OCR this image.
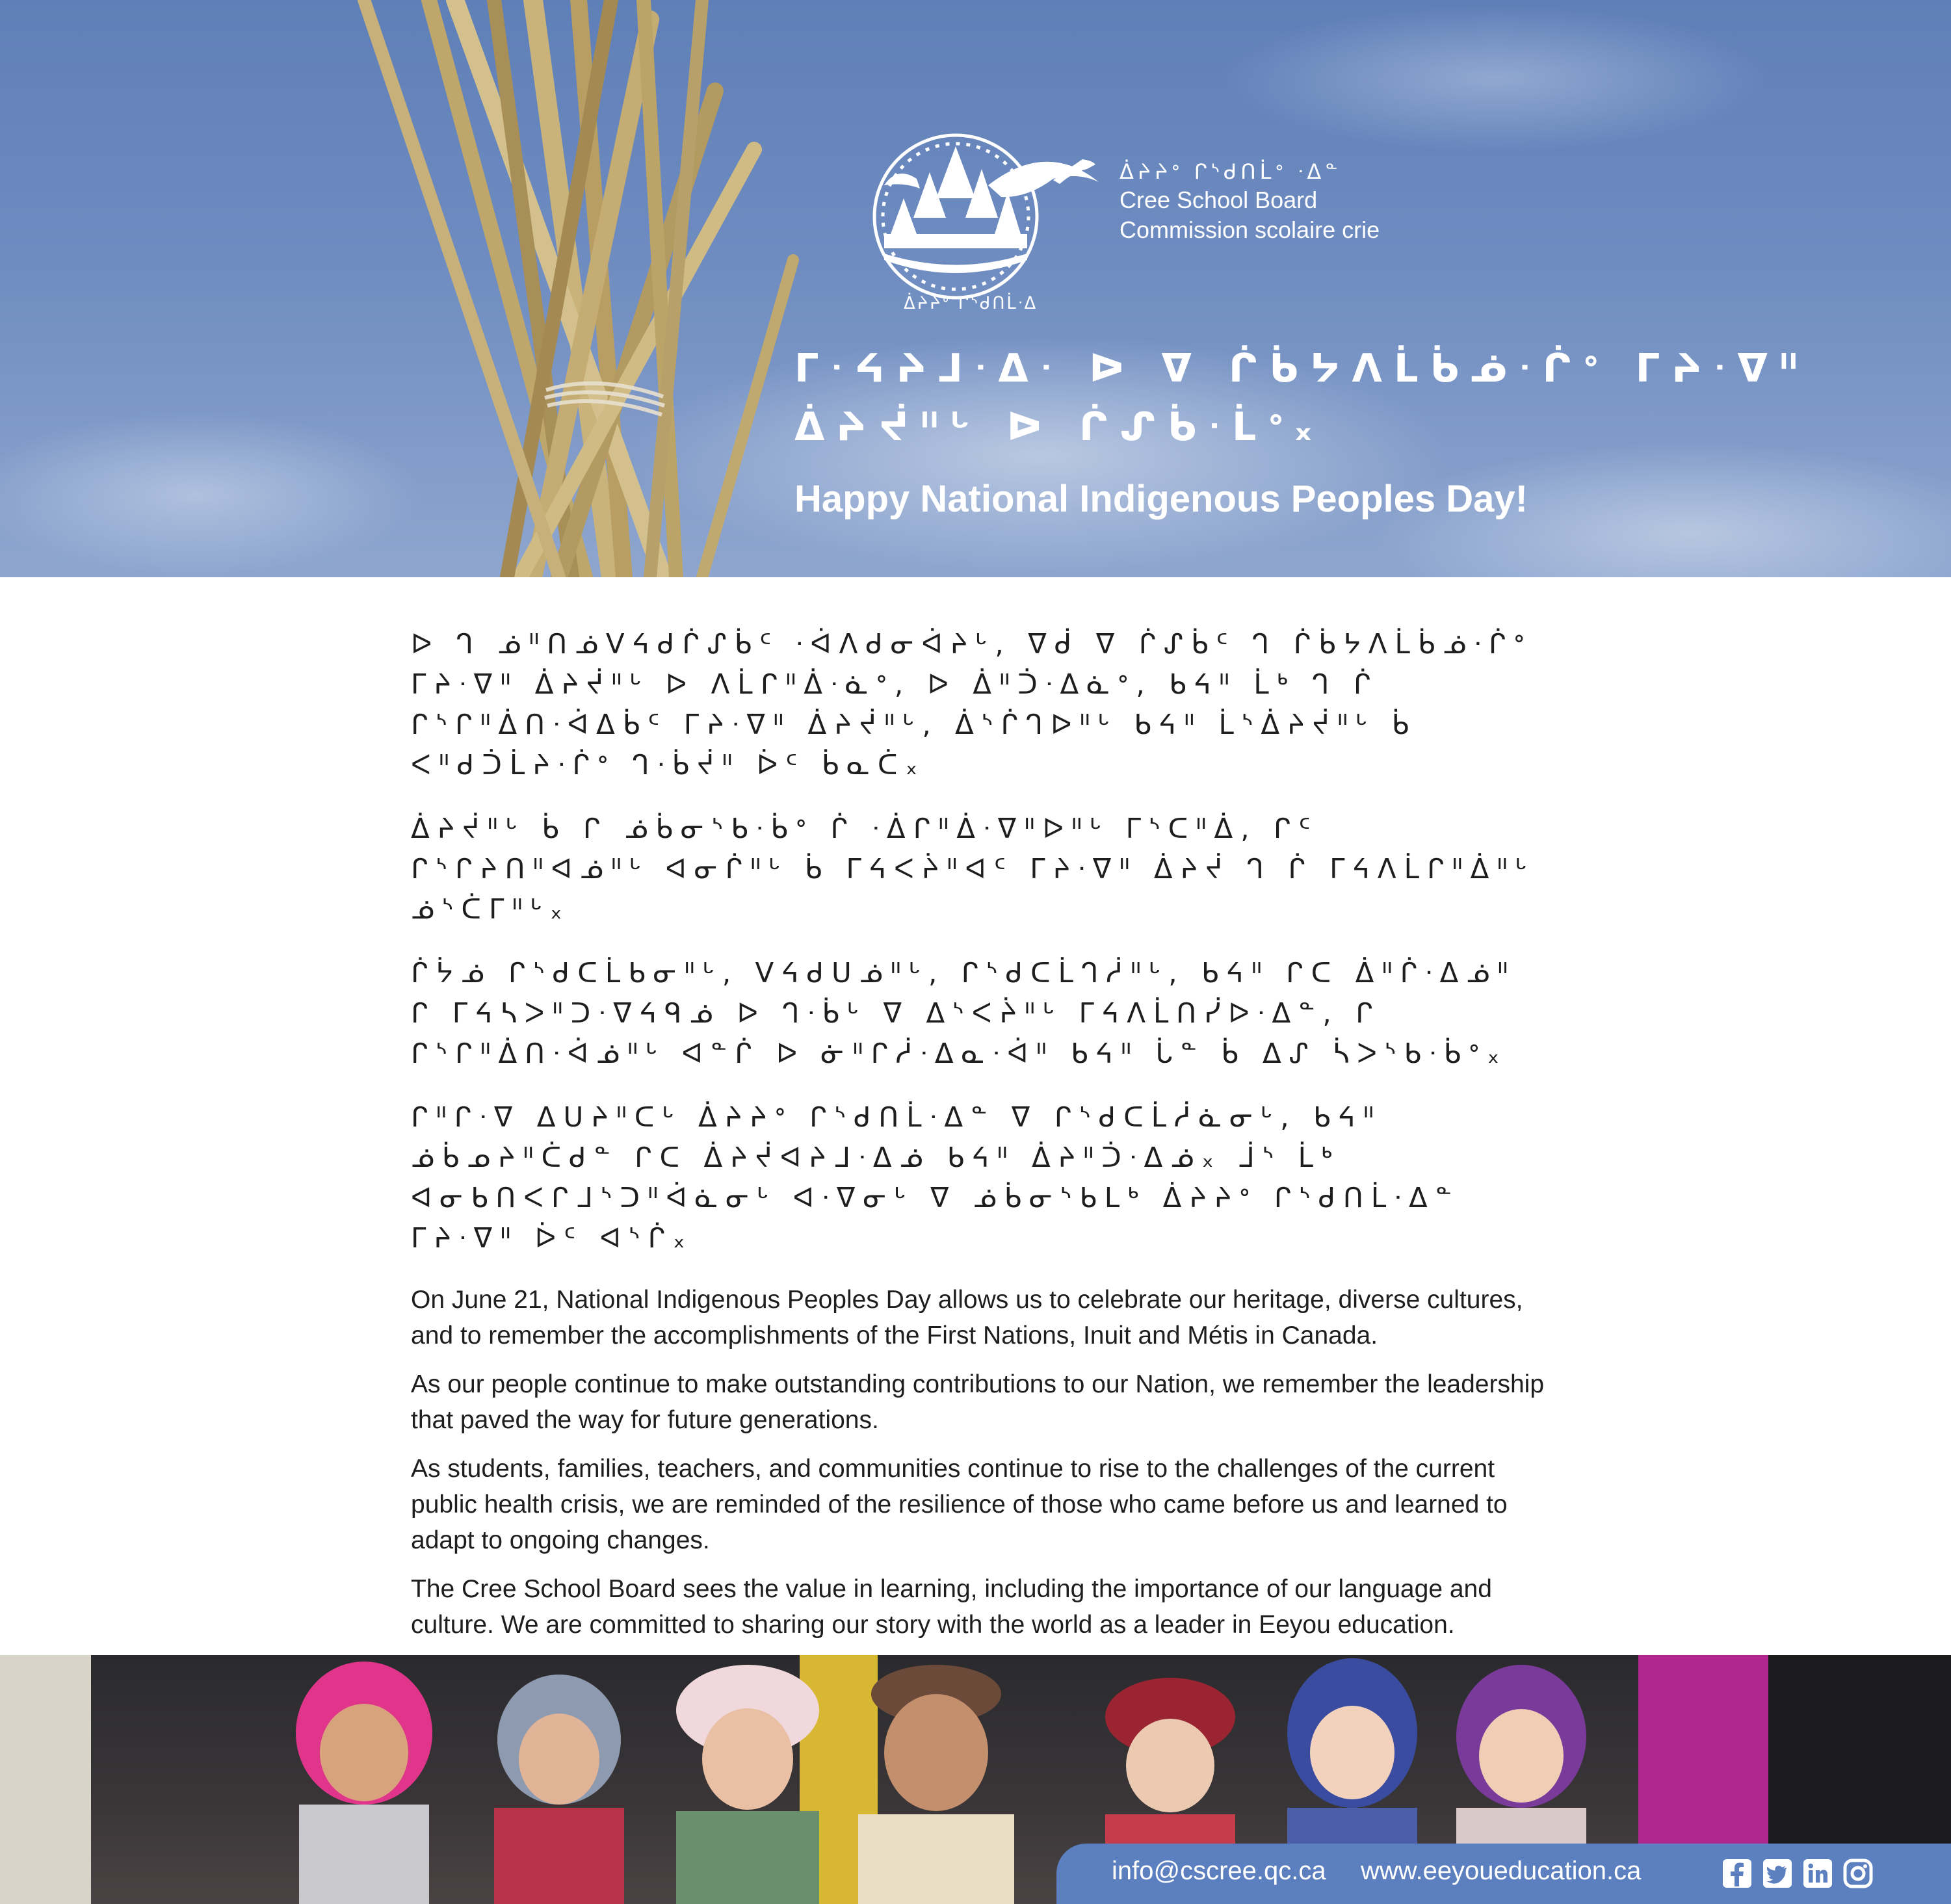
ᐄᔨᔨᐤ ᒋᔅᑯᑎᒫᐧᐃ
ᐄᔨᔨᐤ ᒋᔅᑯᑎᒫᐤ ᐧᐃᓐ
Cree School Board
Commission scolaire crie
ᒥᐧᔦᔨᒧᐧᐃᐧ ᐅ ᐁ ᒌᑳᔭᐱᒫᑳᓅᐧᒌᐤ ᒥᔨᐧᐁᐦ
ᐄᔨᔫᐦᒡ ᐅ ᒌᔑᑳᐧᒫᐤ᙮
Happy National Indigenous Peoples Day!

ᐅ ᒉ ᓅᐦᑎᓅᐯᔦᑯᒌᔑᑳᑦ ᐧᐋᐱᑯᓂᐋᔨᒡ, ᐁᑰ ᐁ ᒌᔑᑳᑦ ᒉ ᒌᑳᔭᐱᒫᑳᓅᐧᒌᐤ ᒥᔨᐧᐁᐦ ᐄᔨᔫᐦᒡ ᐅ ᐱᒫᒋᐦᐄᐧᓈᐤ, ᐅ ᐄᐦᑑᐧᐃᓈᐤ, ᑲᔦᐦ ᒫᒃ ᒉ ᒌ ᒋᔅᒋᐦᐄᑎᐧᐋᐃᑳᑦ ᒥᔨᐧᐁᐦ ᐄᔨᔫᐦᒡ, ᐄᔅᒌᒉᐅᐦᒡ ᑲᔦᐦ ᒫᔅᐄᔨᔫᐦᒡ ᑳ ᐸᐦᑯᑑᒫᔨᐧᒌᐤ ᒉᐧᑳᔫᐦ ᐆᑦ ᑳᓇᑖ᙮

ᐄᔨᔫᐦᒡ ᑳ ᒋ ᓅᑳᓂᔅᑲᐧᑳᐤ ᒌ ᐧᐄᒋᐦᐄᐧᐁᐦᐅᐦᒡ ᒥᔅᑕᐦᐄ, ᒋᑦ ᒋᔅᒋᔨᑎᐦᐊᓅᐦᒡ ᐊᓂᒌᐦᒡ ᑳ ᒥᔦᐸᔩᐦᐊᑦ ᒥᔨᐧᐁᐦ ᐄᔨᔫ ᒉ ᒌ ᒥᔦᐱᒫᒋᐦᐄᐦᒡ ᓅᔅᑖᒥᐦᒡ᙮

ᒌᔮᓅ ᒋᔅᑯᑕᒫᑲᓂᐦᒡ, ᐯᔦᑯᑌᓅᐦᒡ, ᒋᔅᑯᑕᒫᒉᓲᐦᒡ, ᑲᔦᐦ ᒋᑕ ᐄᐦᒌᐧᐃᓅᐦ ᒋ ᒥᔦᓴᐳᐦᑐᐧᐁᔦᑫᓅ ᐅ ᒉᐧᑳᒡ ᐁ ᐃᔅᐸᔩᐦᒡ ᒥᔦᐱᒫᑎᓰᐅᐧᐃᓐ, ᒋ ᒋᔅᒋᐦᐄᑎᐧᐋᓅᐦᒡ ᐊᓐᒌ ᐅ ᓃᐦᒋᓲᐧᐃᓇᐧᐋᐦ ᑲᔦᐦ ᒑᓐ ᑳ ᐃᔑ ᓵᐳᔅᑲᐧᑳᐤ᙮

ᒋᐦᒋᐧᐁ ᐃᑌᔨᐦᑕᒡ ᐄᔨᔨᐤ ᒋᔅᑯᑎᒫᐧᐃᓐ ᐁ ᒋᔅᑯᑕᒫᓲᓈᓂᒡ, ᑲᔦᐦ ᓅᑳᓄᔨᐦᑖᑯᓐ ᒋᑕ ᐄᔨᔫᐊᔨᒧᐧᐃᓅ ᑲᔦᐦ ᐄᔨᐦᑑᐧᐃᓅ᙮ ᒨᔅ ᒫᒃ ᐊᓂᑲᑎᐸᒋᒧᔅᑐᐦᐋᓈᓂᒡ ᐊᐧᐁᓂᒡ ᐁ ᓅᑳᓂᔅᑲᒪᒃ ᐄᔨᔨᐤ ᒋᔅᑯᑎᒫᐧᐃᓐ ᒥᔨᐧᐁᐦ ᐆᑦ ᐊᔅᒌ᙮

On June 21, National Indigenous Peoples Day allows us to celebrate our heritage, diverse cultures, and to remember the accomplishments of the First Nations, Inuit and Métis in Canada.

As our people continue to make outstanding contributions to our Nation, we remember the leadership that paved the way for future generations.

As students, families, teachers, and communities continue to rise to the challenges of the current public health crisis, we are reminded of the resilience of those who came before us and learned to adapt to ongoing changes.

The Cree School Board sees the value in learning, including the importance of our language and culture. We are committed to sharing our story with the world as a leader in Eeyou education.

info@cscree.qc.ca www.eeyoueducation.ca
